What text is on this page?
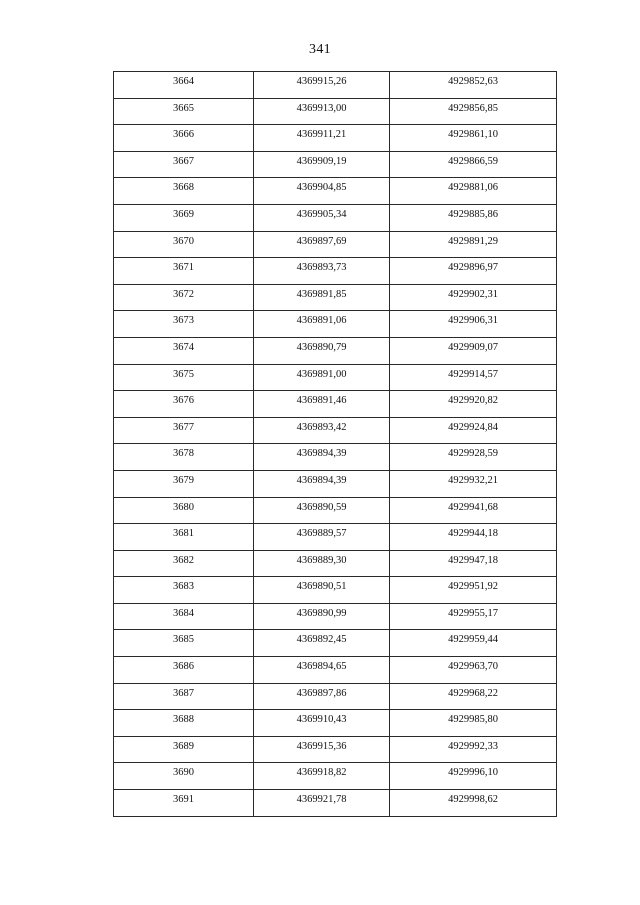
341
3664	4369915,26	4929852,63
3665	4369913,00	4929856,85
3666	4369911,21	4929861,10
3667	4369909,19	4929866,59
3668	4369904,85	4929881,06
3669	4369905,34	4929885,86
3670	4369897,69	4929891,29
3671	4369893,73	4929896,97
3672	4369891,85	4929902,31
3673	4369891,06	4929906,31
3674	4369890,79	4929909,07
3675	4369891,00	4929914,57
3676	4369891,46	4929920,82
3677	4369893,42	4929924,84
3678	4369894,39	4929928,59
3679	4369894,39	4929932,21
3680	4369890,59	4929941,68
3681	4369889,57	4929944,18
3682	4369889,30	4929947,18
3683	4369890,51	4929951,92
3684	4369890,99	4929955,17
3685	4369892,45	4929959,44
3686	4369894,65	4929963,70
3687	4369897,86	4929968,22
3688	4369910,43	4929985,80
3689	4369915,36	4929992,33
3690	4369918,82	4929996,10
3691	4369921,78	4929998,62
